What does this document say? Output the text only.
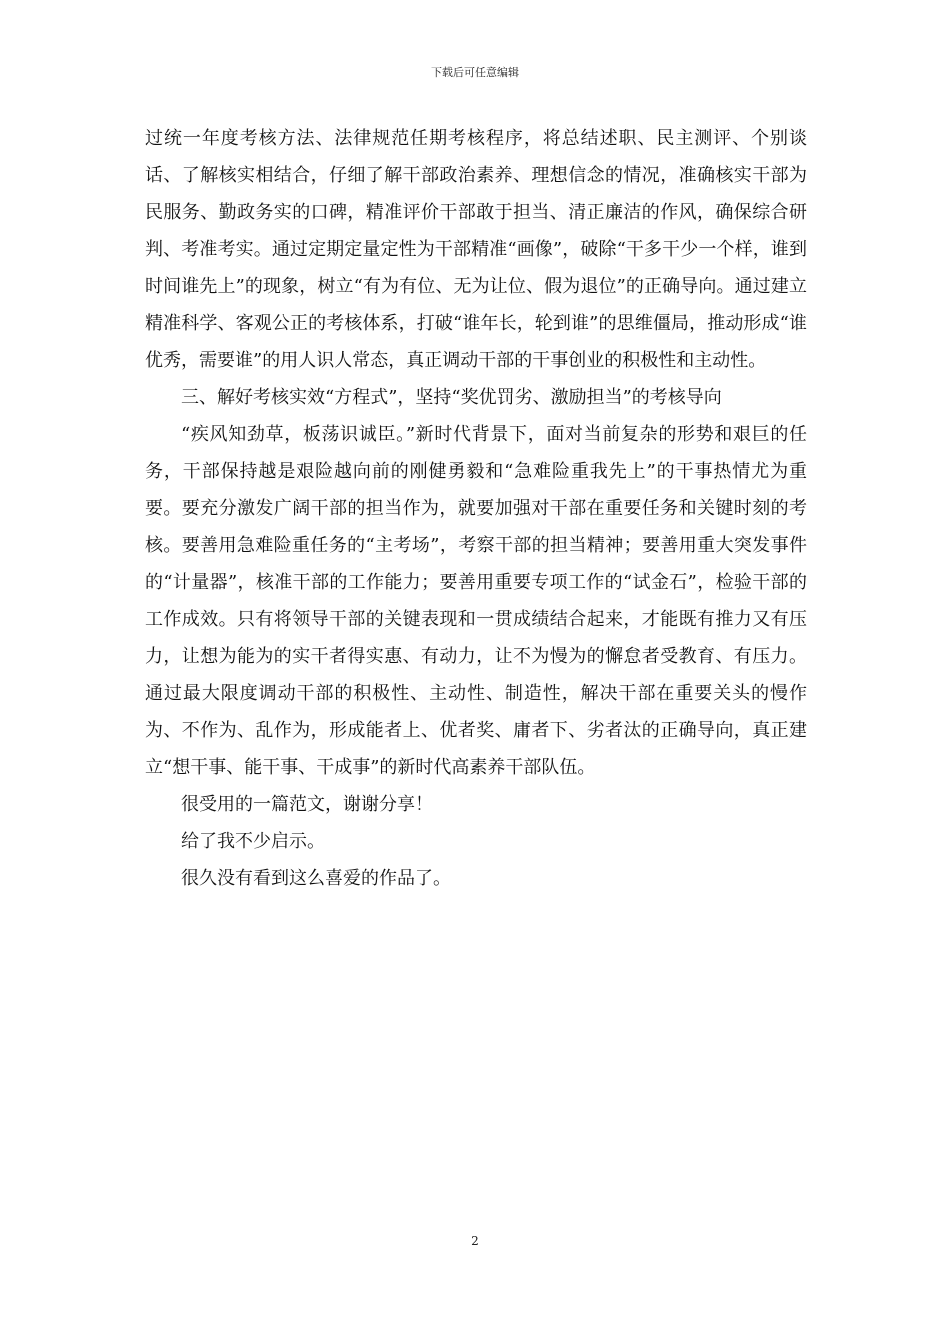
下载后可任意编辑

过统一年度考核方法、法律规范任期考核程序，将总结述职、民主测评、个别谈话、了解核实相结合，仔细了解干部政治素养、理想信念的情况，准确核实干部为民服务、勤政务实的口碑，精准评价干部敢于担当、清正廉洁的作风，确保综合研判、考准考实。通过定期定量定性为干部精准“画像”，破除“干多干少一个样，谁到时间谁先上”的现象，树立“有为有位、无为让位、假为退位”的正确导向。通过建立精准科学、客观公正的考核体系，打破“谁年长，轮到谁”的思维僵局，推动形成“谁优秀，需要谁”的用人识人常态，真正调动干部的干事创业的积极性和主动性。

三、解好考核实效“方程式”，坚持“奖优罚劣、激励担当”的考核导向

“疾风知劲草，板荡识诚臣。”新时代背景下，面对当前复杂的形势和艰巨的任务，干部保持越是艰险越向前的刚健勇毅和“急难险重我先上”的干事热情尤为重要。要充分激发广阔干部的担当作为，就要加强对干部在重要任务和关键时刻的考核。要善用急难险重任务的“主考场”，考察干部的担当精神；要善用重大突发事件的“计量器”，核准干部的工作能力；要善用重要专项工作的“试金石”，检验干部的工作成效。只有将领导干部的关键表现和一贯成绩结合起来，才能既有推力又有压力，让想为能为的实干者得实惠、有动力，让不为慢为的懈怠者受教育、有压力。通过最大限度调动干部的积极性、主动性、制造性，解决干部在重要关头的慢作为、不作为、乱作为，形成能者上、优者奖、庸者下、劣者汰的正确导向，真正建立“想干事、能干事、干成事”的新时代高素养干部队伍。

很受用的一篇范文，谢谢分享！

给了我不少启示。

很久没有看到这么喜爱的作品了。

2
